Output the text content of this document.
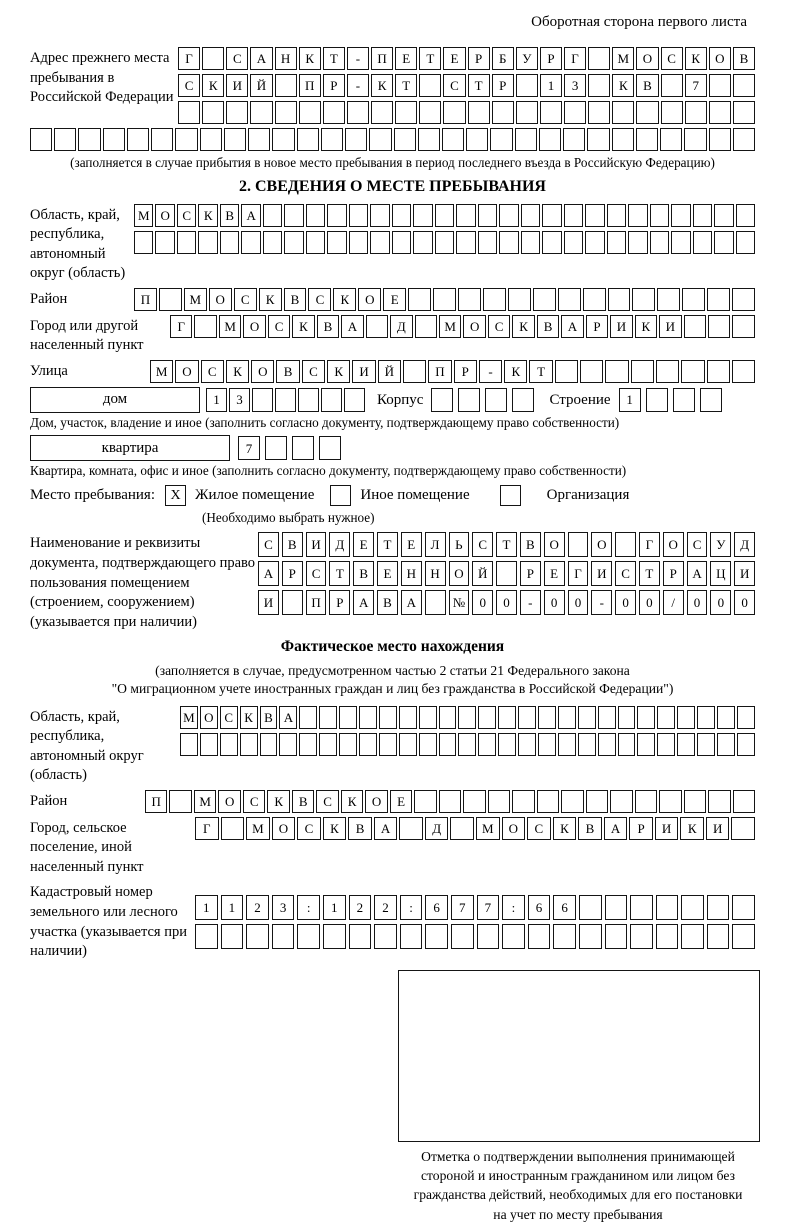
Оборотная сторона первого листа
Адрес прежнего места пребывания в Российской Федерации
Г	С	А	Н	К	Т	-	П	Е	Т	Е	Р	Б	У	Р	Г	М	О	С	К	О	В
С	К	И	Й	П	Р	-	К	Т	С	Т	Р	1	3	К	В	7
(заполняется в случае прибытия в новое место пребывания в период последнего въезда в Российскую Федерацию)
2. СВЕДЕНИЯ О МЕСТЕ ПРЕБЫВАНИЯ
Область, край, республика, автономный округ (область)
М О С К В А
Район	П	М	О	С	К	В	С	К	О	Е
Город или другой населенный пункт
Г	М	О	С	К	В	А	Д	М	О	С	К	В	А	Р	И	К	И
Улица	М	О	С	К	О	В	С	К	И	Й	П	Р	-	К	Т
дом	1	3	Корпус	Строение	1
Дом, участок, владение и иное (заполнить согласно документу, подтверждающему право собственности)
квартира	7
Квартира, комната, офис и иное (заполнить согласно документу, подтверждающему право собственности)
Место пребывания:	X Жилое помещение	Иное помещение	Организация
(Необходимо выбрать нужное)
Наименование и реквизиты документа, подтверждающего право пользования помещением (строением, сооружением) (указывается при наличии)
С	В	И	Д	Е	Т	Е	Л	Ь	С	Т	В	О	О	Г	О	С	У	Д
А	Р	С	Т	В	Е	Н	Н	О	Й	Р	Е	Г	И	С	Т	Р	А	Ц	И
И	П	Р	А	В	А	№	0	0	-	0	0	-	0	0	/	0	0	0
Фактическое место нахождения
(заполняется в случае, предусмотренном частью 2 статьи 21 Федерального закона
"О миграционном учете иностранных граждан и лиц без гражданства в Российской Федерации")
Область, край, республика, автономный округ (область)
М О С К В А
Район	П	М	О	С	К	В	С	К	О	Е
Город, сельское поселение, иной населенный пункт
Г	М	О	С	К	В	А	Д	М	О	С	К	В	А	Р	И	К	И
Кадастровый номер земельного или лесного участка (указывается при наличии)
1	1	2	3	:	1	2	2	:	6	7	7	:	6	6
Отметка о подтверждении выполнения принимающей
стороной и иностранным гражданином или лицом без
гражданства действий, необходимых для его постановки
на учет по месту пребывания
